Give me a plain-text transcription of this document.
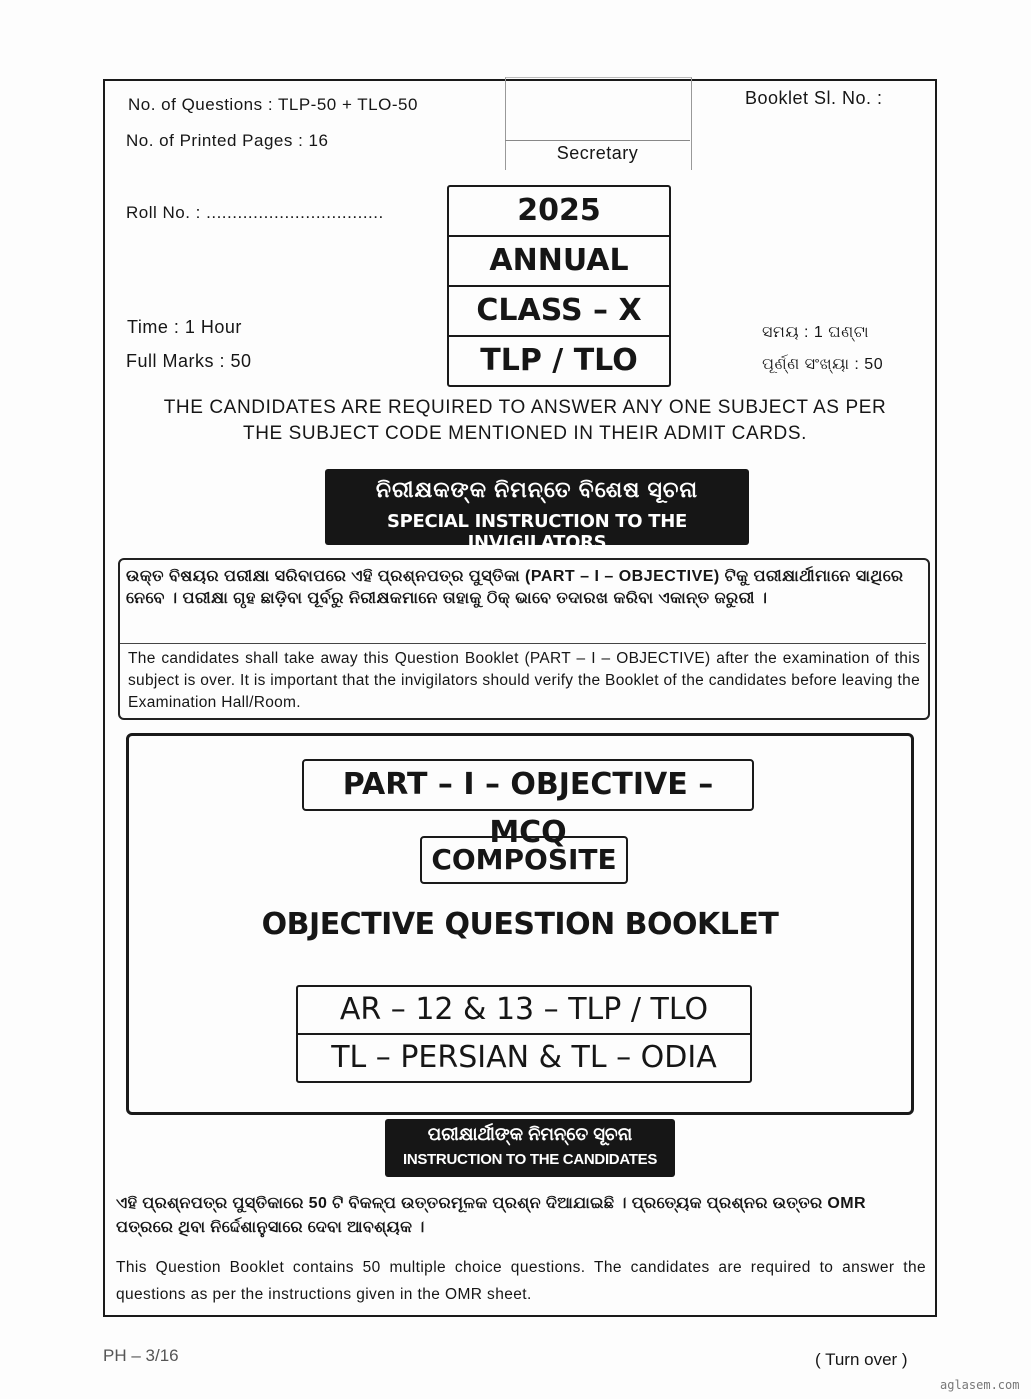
No. of Questions : TLP-50 + TLO-50
No. of Printed Pages : 16
Secretary
Booklet Sl. No. :
Roll No. : ..................................	2025
ANNUAL
CLASS – X
TLP / TLO
Time : 1 Hour
Full Marks : 50
ସମୟ : 1 ଘଣ୍ଟା
ପୂର୍ଣ୍ଣ ସଂଖ୍ୟା : 50
THE CANDIDATES ARE REQUIRED TO ANSWER ANY ONE SUBJECT AS PER
THE SUBJECT CODE MENTIONED IN THEIR ADMIT CARDS.
ନିରୀକ୍ଷକଙ୍କ ନିମନ୍ତେ ବିଶେଷ ସୂଚନା
SPECIAL INSTRUCTION TO THE INVIGILATORS
ଉକ୍ତ ବିଷୟର ପରୀକ୍ଷା ସରିବାପରେ ଏହି ପ୍ରଶ୍ନପତ୍ର ପୁସ୍ତିକା (PART – I – OBJECTIVE) ଟିକୁ ପରୀକ୍ଷାର୍ଥୀମାନେ ସାଥିରେ ନେବେ । ପରୀକ୍ଷା ଗୃହ ଛାଡ଼ିବା ପୂର୍ବରୁ ନିରୀକ୍ଷକମାନେ ତାହାକୁ ଠିକ୍ ଭାବେ ତଦାରଖ କରିବା ଏକାନ୍ତ ଜରୁରୀ ।
The candidates shall take away this Question Booklet (PART – I – OBJECTIVE) after the examination of this subject is over. It is important that the invigilators should verify the Booklet of the candidates before leaving the Examination Hall/Room.
PART – I – OBJECTIVE – MCQ
COMPOSITE
OBJECTIVE QUESTION BOOKLET
AR – 12 & 13 – TLP / TLO
TL – PERSIAN & TL – ODIA
ପରୀକ୍ଷାର୍ଥୀଙ୍କ ନିମନ୍ତେ ସୂଚନା
INSTRUCTION TO THE CANDIDATES
ଏହି ପ୍ରଶ୍ନପତ୍ର ପୁସ୍ତିକାରେ 50 ଟି ବିକଳ୍ପ ଉତ୍ତରମୂଳକ ପ୍ରଶ୍ନ ଦିଆଯାଇଛି । ପ୍ରତ୍ୟେକ ପ୍ରଶ୍ନର ଉତ୍ତର OMR ପତ୍ରରେ ଥିବା ନିର୍ଦ୍ଦେଶାନୁସାରେ ଦେବା ଆବଶ୍ୟକ ।
This Question Booklet contains 50 multiple choice questions. The candidates are required to answer the questions as per the instructions given in the OMR sheet.
PH – 3/16	( Turn over )
aglasem.com
